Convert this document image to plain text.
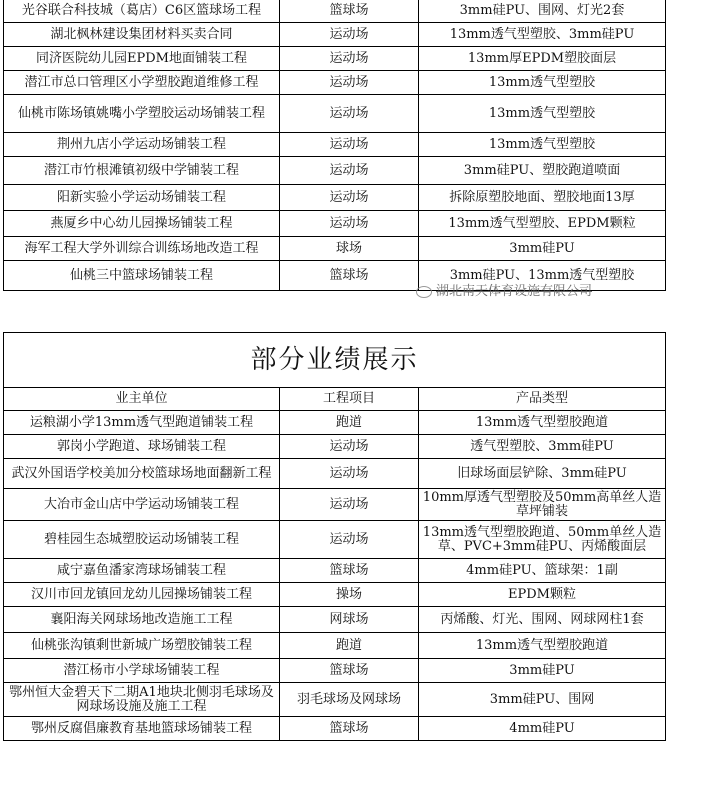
光谷联合科技城（葛店）C6区篮球场工程	篮球场	3mm硅PU、围网、灯光2套
湖北枫林建设集团材料买卖合同	运动场	13mm透气型塑胶、3mm硅PU
同济医院幼儿园EPDM地面铺装工程	运动场	13mm厚EPDM塑胶面层
潜江市总口管理区小学塑胶跑道维修工程	运动场	13mm透气型塑胶
仙桃市陈场镇姚嘴小学塑胶运动场铺装工程	运动场	13mm透气型塑胶
荆州九店小学运动场铺装工程	运动场	13mm透气型塑胶
潜江市竹根滩镇初级中学铺装工程	运动场	3mm硅PU、塑胶跑道喷面
阳新实验小学运动场铺装工程	运动场	拆除原塑胶地面、塑胶地面13厚
燕厦乡中心幼儿园操场铺装工程	运动场	13mm透气型塑胶、EPDM颗粒
海军工程大学外训综合训练场地改造工程	球场	3mm硅PU
仙桃三中篮球场铺装工程	篮球场	3mm硅PU、13mm透气型塑胶
湖北南天体育设施有限公司
部分业绩展示		
业主单位	工程项目	产品类型
运粮湖小学13mm透气型跑道铺装工程	跑道	13mm透气型塑胶跑道
郭岗小学跑道、球场铺装工程	运动场	透气型塑胶、3mm硅PU
武汉外国语学校美加分校篮球场地面翻新工程	运动场	旧球场面层铲除、3mm硅PU
大冶市金山店中学运动场铺装工程	运动场	10mm厚透气型塑胶及50mm高单丝人造草坪铺装
碧桂园生态城塑胶运动场铺装工程	运动场	13mm透气型塑胶跑道、50mm单丝人造草、PVC+3mm硅PU、丙烯酸面层
咸宁嘉鱼潘家湾球场铺装工程	篮球场	4mm硅PU、篮球架：1副
汉川市回龙镇回龙幼儿园操场铺装工程	操场	EPDM颗粒
襄阳海关网球场地改造施工工程	网球场	丙烯酸、灯光、围网、网球网柱1套
仙桃张沟镇剩世新城广场塑胶铺装工程	跑道	13mm透气型塑胶跑道
潜江杨市小学球场铺装工程	篮球场	3mm硅PU
鄂州恒大金碧天下二期A1地块北侧羽毛球场及网球场设施及施工工程	羽毛球场及网球场	3mm硅PU、围网
鄂州反腐倡廉教育基地篮球场铺装工程	篮球场	4mm硅PU
